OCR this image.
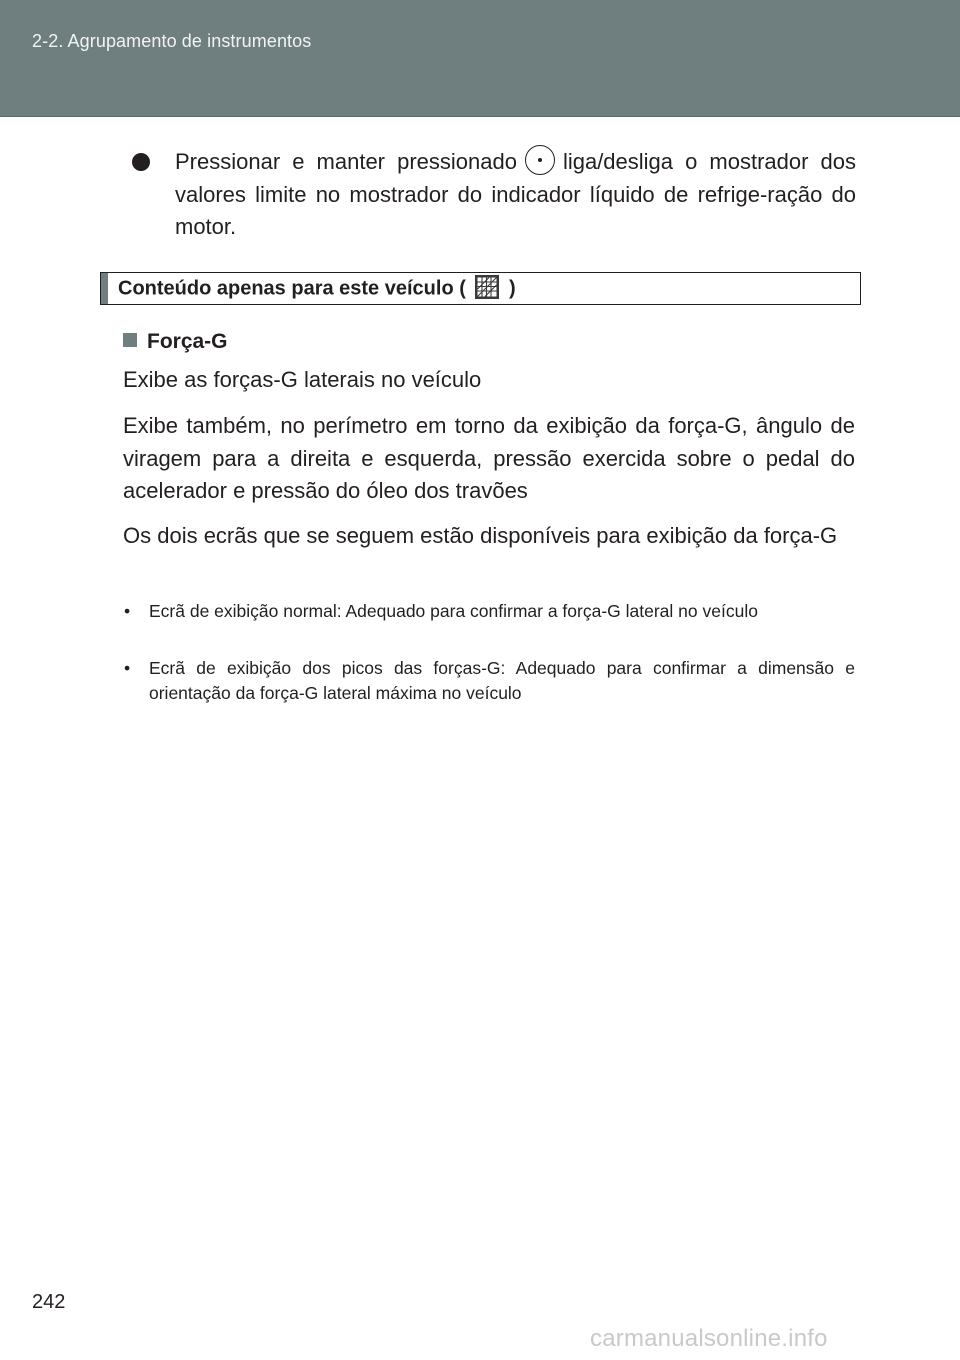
2-2. Agrupamento de instrumentos
Pressionar e manter pressionado liga/desliga o mostrador dos valores limite no mostrador do indicador líquido de refrige-ração do motor.
Conteúdo apenas para este veículo ( )
Força-G
Exibe as forças-G laterais no veículo
Exibe também, no perímetro em torno da exibição da força-G, ângulo de viragem para a direita e esquerda, pressão exercida sobre o pedal do acelerador e pressão do óleo dos travões
Os dois ecrãs que se seguem estão disponíveis para exibição da força-G
• Ecrã de exibição normal: Adequado para confirmar a força-G lateral no veículo
• Ecrã de exibição dos picos das forças-G: Adequado para confirmar a dimensão e orientação da força-G lateral máxima no veículo
242
carmanualsonline.info
